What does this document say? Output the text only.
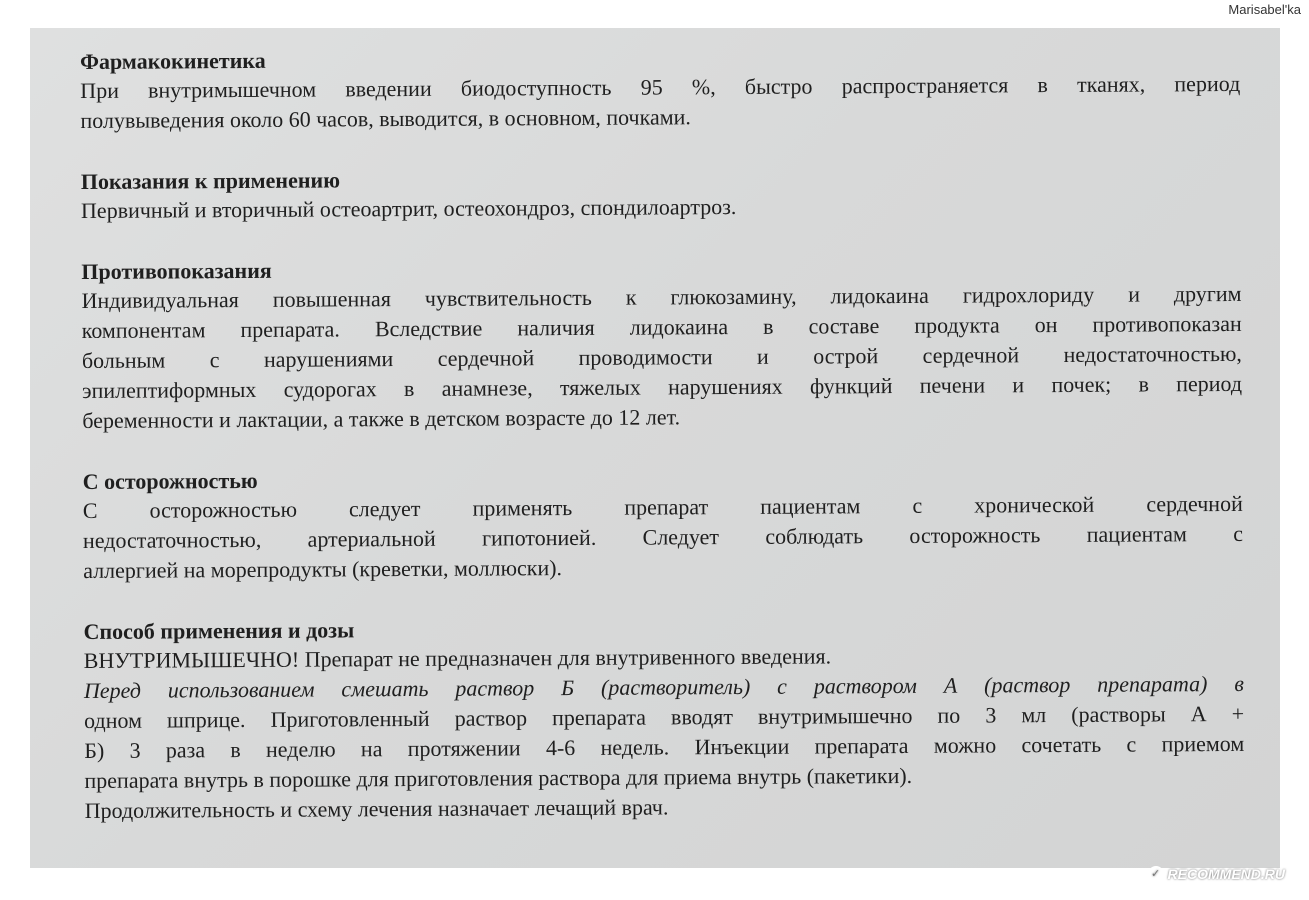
Marisabel'ka

Фармакокинетика

При внутримышечном введении биодоступность 95 %, быстро распространяется в тканях, период
полувыведения около 60 часов, выводится, в основном, почками.

Показания к применению

Первичный и вторичный остеоартрит, остеохондроз, спондилоартроз.

Противопоказания

Индивидуальная повышенная чувствительность к глюкозамину, лидокаина гидрохлориду и другим
компонентам препарата. Вследствие наличия лидокаина в составе продукта он противопоказан
больным с нарушениями сердечной проводимости и острой сердечной недостаточностью,
эпилептиформных судорогах в анамнезе, тяжелых нарушениях функций печени и почек; в период
беременности и лактации, а также в детском возрасте до 12 лет.

С осторожностью

С осторожностью следует применять препарат пациентам с хронической сердечной
недостаточностью, артериальной гипотонией. Следует соблюдать осторожность пациентам с
аллергией на морепродукты (креветки, моллюски).

Способ применения и дозы

ВНУТРИМЫШЕЧНО! Препарат не предназначен для внутривенного введения.
Перед использованием смешать раствор Б (растворитель) с раствором А (раствор препарата) в
одном шприце. Приготовленный раствор препарата вводят внутримышечно по 3 мл (растворы А +
Б) 3 раза в неделю на протяжении 4-6 недель. Инъекции препарата можно сочетать с приемом
препарата внутрь в порошке для приготовления раствора для приема внутрь (пакетики).
Продолжительность и схему лечения назначает лечащий врач.

✓ RECOMMEND.RU
